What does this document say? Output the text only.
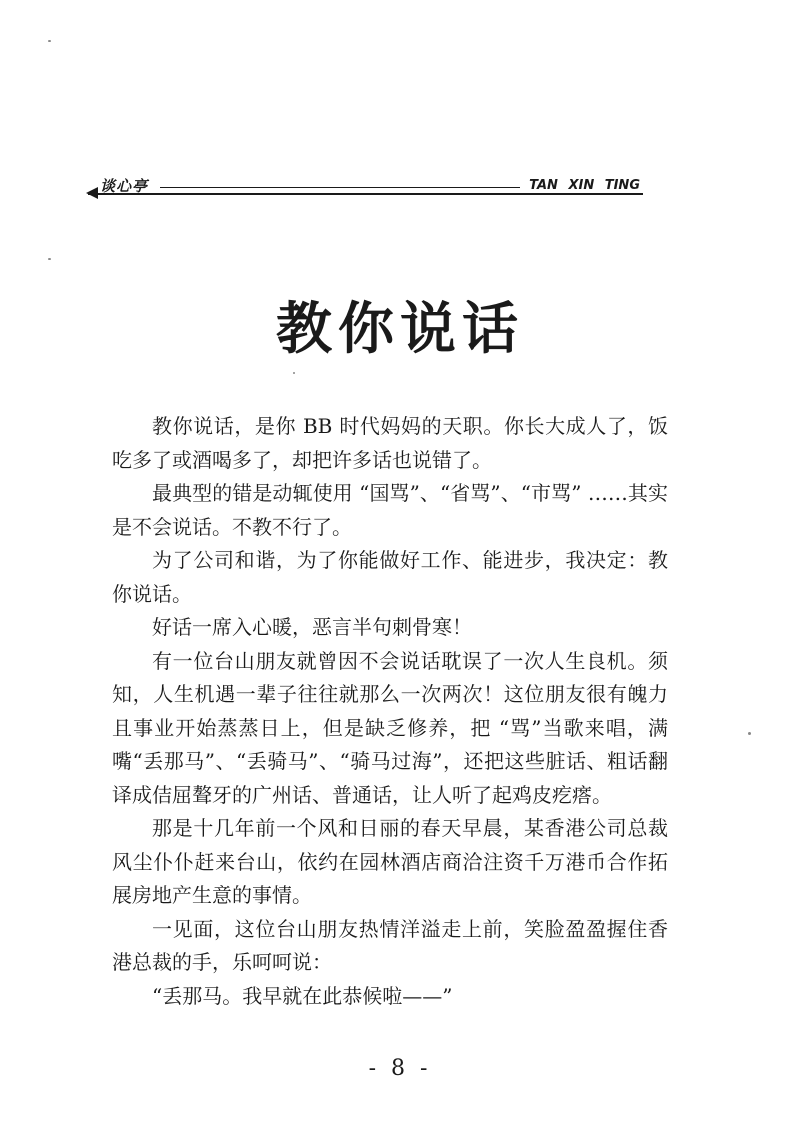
谈心亭	TAN XIN TING
教你说话

教你说话，是你 BB 时代妈妈的天职。你长大成人了，饭吃多了或酒喝多了，却把许多话也说错了。

最典型的错是动辄使用 “国骂”、“省骂”、“市骂” ……其实是不会说话。不教不行了。

为了公司和谐，为了你能做好工作、能进步，我决定：教你说话。

好话一席入心暖，恶言半句刺骨寒！

有一位台山朋友就曾因不会说话耽误了一次人生良机。须知，人生机遇一辈子往往就那么一次两次！这位朋友很有魄力且事业开始蒸蒸日上，但是缺乏修养，把 “骂”当歌来唱，满嘴“丢那马”、“丢骑马”、“骑马过海”，还把这些脏话、粗话翻译成佶屈聱牙的广州话、普通话，让人听了起鸡皮疙瘩。

那是十几年前一个风和日丽的春天早晨，某香港公司总裁风尘仆仆赶来台山，依约在园林酒店商洽注资千万港币合作拓展房地产生意的事情。

一见面，这位台山朋友热情洋溢走上前，笑脸盈盈握住香港总裁的手，乐呵呵说：

“丢那马。我早就在此恭候啦——”

- 8 -
